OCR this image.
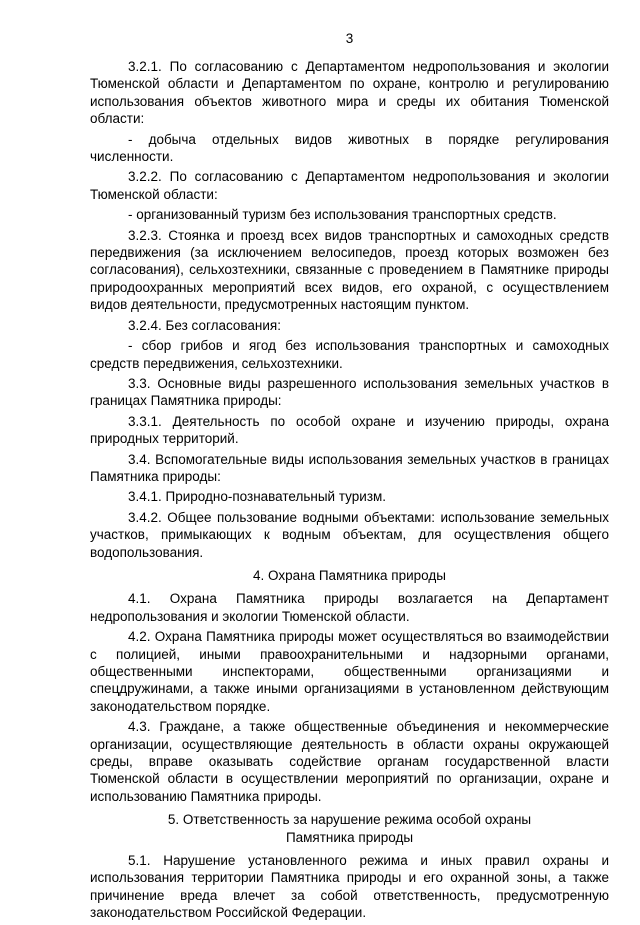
3

3.2.1. По согласованию с Департаментом недропользования и экологии Тюменской области и Департаментом по охране, контролю и регулированию использования объектов животного мира и среды их обитания Тюменской области:

- добыча отдельных видов животных в порядке регулирования численности.

3.2.2. По согласованию с Департаментом недропользования и экологии Тюменской области:

- организованный туризм без использования транспортных средств.

3.2.3. Стоянка и проезд всех видов транспортных и самоходных средств передвижения (за исключением велосипедов, проезд которых возможен без согласования), сельхозтехники, связанные с проведением в Памятнике природы природоохранных мероприятий всех видов, его охраной, с осуществлением видов деятельности, предусмотренных настоящим пунктом.

3.2.4. Без согласования:

- сбор грибов и ягод без использования транспортных и самоходных средств передвижения, сельхозтехники.

3.3. Основные виды разрешенного использования земельных участков в границах Памятника природы:

3.3.1. Деятельность по особой охране и изучению природы, охрана природных территорий.

3.4. Вспомогательные виды использования земельных участков в границах Памятника природы:

3.4.1. Природно-познавательный туризм.

3.4.2. Общее пользование водными объектами: использование земельных участков, примыкающих к водным объектам, для осуществления общего водопользования.

4. Охрана Памятника природы

4.1. Охрана Памятника природы возлагается на Департамент недропользования и экологии Тюменской области.

4.2. Охрана Памятника природы может осуществляться во взаимодействии с полицией, иными правоохранительными и надзорными органами, общественными инспекторами, общественными организациями и спецдружинами, а также иными организациями в установленном действующим законодательством порядке.

4.3. Граждане, а также общественные объединения и некоммерческие организации, осуществляющие деятельность в области охраны окружающей среды, вправе оказывать содействие органам государственной власти Тюменской области в осуществлении мероприятий по организации, охране и использованию Памятника природы.

5. Ответственность за нарушение режима особой охраны
Памятника природы

5.1. Нарушение установленного режима и иных правил охраны и использования территории Памятника природы и его охранной зоны, а также причинение вреда влечет за собой ответственность, предусмотренную законодательством Российской Федерации.
